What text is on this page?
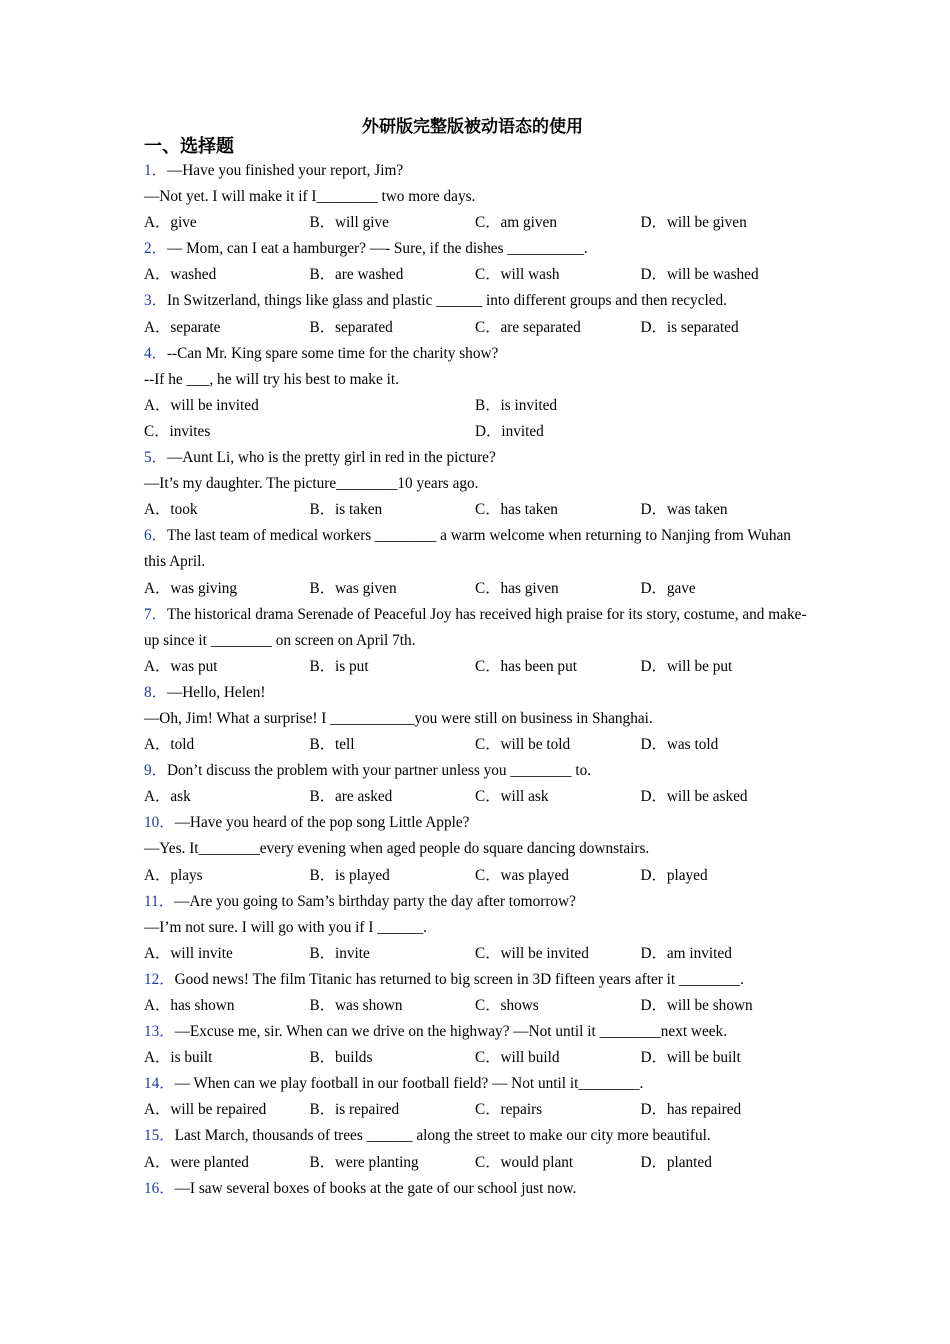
外研版完整版被动语态的使用
一、选择题
1．—Have you finished your report, Jim?
—Not yet. I will make it if I________ two more days.
A．give	B．will give	C．am given	D．will be given
2．— Mom, can I eat a hamburger? —- Sure, if the dishes __________.
A．washed	B．are washed	C．will wash	D．will be washed
3．In Switzerland, things like glass and plastic ______ into different groups and then recycled.
A．separate	B．separated	C．are separated	D．is separated
4．--Can Mr. King spare some time for the charity show?
--If he ___, he will try his best to make it.
A．will be invited	B．is invited
C．invites	D．invited
5．—Aunt Li, who is the pretty girl in red in the picture?
—It’s my daughter. The picture________10 years ago.
A．took	B．is taken	C．has taken	D．was taken
6．The last team of medical workers ________ a warm welcome when returning to Nanjing from Wuhan this April.
A．was giving	B．was given	C．has given	D．gave
7．The historical drama Serenade of Peaceful Joy has received high praise for its story, costume, and make-up since it ________ on screen on April 7th.
A．was put	B．is put	C．has been put	D．will be put
8．—Hello, Helen!
—Oh, Jim! What a surprise! I ___________you were still on business in Shanghai.
A．told	B．tell	C．will be told	D．was told
9．Don’t discuss the problem with your partner unless you ________ to.
A．ask	B．are asked	C．will ask	D．will be asked
10．—Have you heard of the pop song Little Apple?
—Yes. It________every evening when aged people do square dancing downstairs.
A．plays	B．is played	C．was played	D．played
11．—Are you going to Sam’s birthday party the day after tomorrow?
—I’m not sure. I will go with you if I ______.
A．will invite	B．invite	C．will be invited	D．am invited
12．Good news! The film Titanic has returned to big screen in 3D fifteen years after it ________.
A．has shown	B．was shown	C．shows	D．will be shown
13．—Excuse me, sir. When can we drive on the highway? —Not until it ________next week.
A．is built	B．builds	C．will build	D．will be built
14．— When can we play football in our football field? — Not until it________.
A．will be repaired	B．is repaired	C．repairs	D．has repaired
15．Last March, thousands of trees ______ along the street to make our city more beautiful.
A．were planted	B．were planting	C．would plant	D．planted
16．—I saw several boxes of books at the gate of our school just now.
